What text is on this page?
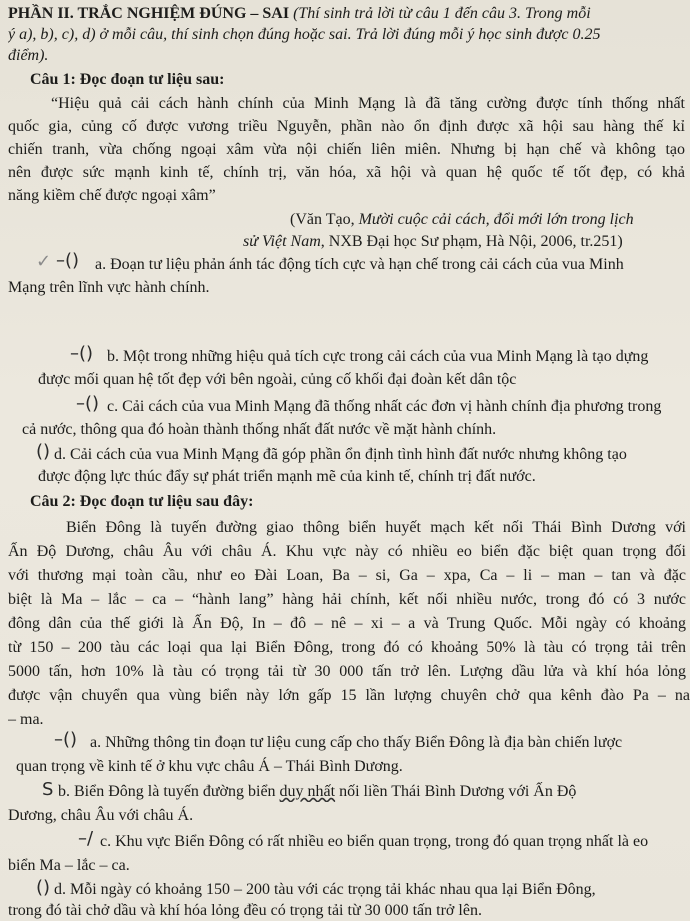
PHẦN II. TRẮC NGHIỆM ĐÚNG – SAI (Thí sinh trả lời từ câu 1 đến câu 3. Trong mỗi
ý a), b), c), d) ở mỗi câu, thí sinh chọn đúng hoặc sai. Trả lời đúng mỗi ý học sinh được 0.25
điểm).
Câu 1: Đọc đoạn tư liệu sau:
“Hiệu quả cải cách hành chính của Minh Mạng là đã tăng cường được tính thống nhất
quốc gia, củng cố được vương triều Nguyễn, phần nào ổn định được xã hội sau hàng thế kỉ
chiến tranh, vừa chống ngoại xâm vừa nội chiến liên miên. Nhưng bị hạn chế và không tạo
nên được sức mạnh kinh tế, chính trị, văn hóa, xã hội và quan hệ quốc tế tốt đẹp, có khả
năng kiềm chế được ngoại xâm”
(Văn Tạo, Mười cuộc cải cách, đổi mới lớn trong lịch
sử Việt Nam, NXB Đại học Sư phạm, Hà Nội, 2006, tr.251)
✓ –() a. Đoạn tư liệu phản ánh tác động tích cực và hạn chế trong cải cách của vua Minh
Mạng trên lĩnh vực hành chính.
–() b. Một trong những hiệu quả tích cực trong cải cách của vua Minh Mạng là tạo dựng
được mối quan hệ tốt đẹp với bên ngoài, củng cố khối đại đoàn kết dân tộc
–() c. Cải cách của vua Minh Mạng đã thống nhất các đơn vị hành chính địa phương trong
cả nước, thông qua đó hoàn thành thống nhất đất nước về mặt hành chính.
() d. Cải cách của vua Minh Mạng đã góp phần ổn định tình hình đất nước nhưng không tạo
được động lực thúc đẩy sự phát triển mạnh mẽ của kinh tế, chính trị đất nước.
Câu 2: Đọc đoạn tư liệu sau đây:
Biển Đông là tuyến đường giao thông biển huyết mạch kết nối Thái Bình Dương với
Ấn Độ Dương, châu Âu với châu Á. Khu vực này có nhiều eo biển đặc biệt quan trọng đối
với thương mại toàn cầu, như eo Đài Loan, Ba – si, Ga – xpa, Ca – li – man – tan và đặc
biệt là Ma – lắc – ca – “hành lang” hàng hải chính, kết nối nhiều nước, trong đó có 3 nước
đông dân của thế giới là Ấn Độ, In – đô – nê – xi – a và Trung Quốc. Mỗi ngày có khoảng
từ 150 – 200 tàu các loại qua lại Biển Đông, trong đó có khoảng 50% là tàu có trọng tải trên
5000 tấn, hơn 10% là tàu có trọng tải từ 30 000 tấn trở lên. Lượng dầu lửa và khí hóa lỏng
được vận chuyển qua vùng biển này lớn gấp 15 lần lượng chuyên chở qua kênh đào Pa – na
– ma.
–() a. Những thông tin đoạn tư liệu cung cấp cho thấy Biển Đông là địa bàn chiến lược
quan trọng về kinh tế ở khu vực châu Á – Thái Bình Dương.
S b. Biển Đông là tuyến đường biển duy nhất nối liền Thái Bình Dương với Ấn Độ
Dương, châu Âu với châu Á.
–/ c. Khu vực Biển Đông có rất nhiều eo biển quan trọng, trong đó quan trọng nhất là eo
biển Ma – lắc – ca.
() d. Mỗi ngày có khoảng 150 – 200 tàu với các trọng tải khác nhau qua lại Biển Đông,
trong đó tài chở dầu và khí hóa lỏng đều có trọng tải từ 30 000 tấn trở lên.
